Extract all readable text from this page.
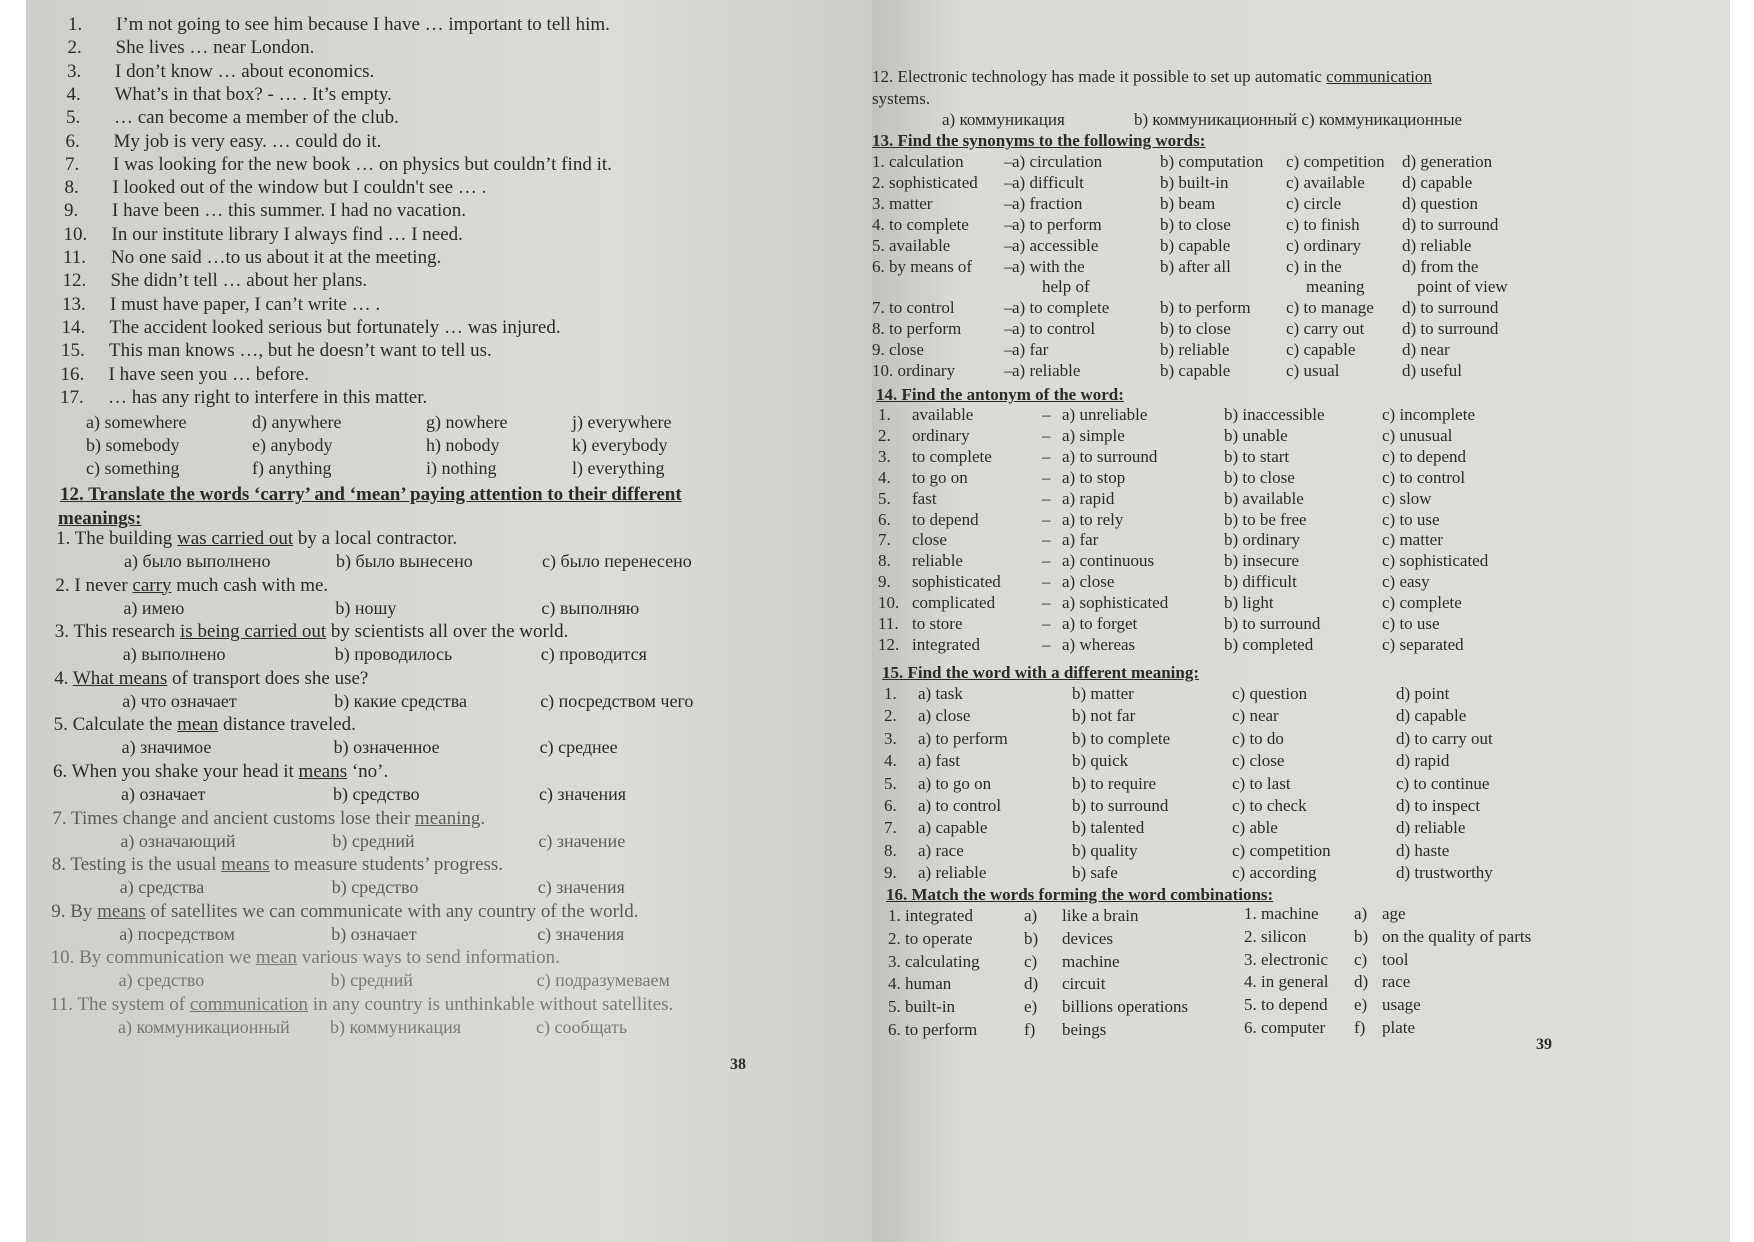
1. I’m not going to see him because I have … important to tell him.
2. She lives … near London.
3. I don’t know … about economics.
4. What’s in that box? - … . It’s empty.
5. … can become a member of the club.
6. My job is very easy. … could do it.
7. I was looking for the new book … on physics but couldn’t find it.
8. I looked out of the window but I couldn't see … .
9. I have been … this summer. I had no vacation.
10. In our institute library I always find … I need.
11. No one said …to us about it at the meeting.
12. She didn’t tell … about her plans.
13. I must have paper, I can’t write … .
14. The accident looked serious but fortunately … was injured.
15. This man knows …, but he doesn’t want to tell us.
16. I have seen you … before.
17. … has any right to interfere in this matter.
a) somewhere	d) anywhere	g) nowhere	j) everywhere
b) somebody	e) anybody	h) nobody	k) everybody
c) something	f) anything	i) nothing	l) everything
12. Translate the words ‘carry’ and ‘mean’ paying attention to their different
meanings:
1. The building was carried out by a local contractor.
a) было выполнено	b) было вынесено	c) было перенесено
2. I never carry much cash with me.
a) имею	b) ношу	c) выполняю
3. This research is being carried out by scientists all over the world.
a) выполнено	b) проводилось	c) проводится
4. What means of transport does she use?
a) что означает	b) какие средства	c) посредством чего
5. Calculate the mean distance traveled.
a) значимое	b) означенное	c) среднее
6. When you shake your head it means ‘no’.
a) означает	b) средство	c) значения
7. Times change and ancient customs lose their meaning.
a) означающий	b) средний	c) значение
8. Testing is the usual means to measure students’ progress.
a) средства	b) средство	c) значения
9. By means of satellites we can communicate with any country of the world.
a) посредством	b) означает	c) значения
10. By communication we mean various ways to send information.
a) средство	b) средний	c) подразумеваем
11. The system of communication in any country is unthinkable without satellites.
a) коммуникационный b) коммуникация	c) сообщать
38
12. Electronic technology has made it possible to set up automatic communication
systems.
a) коммуникация	b) коммуникационный c) коммуникационные
13. Find the synonyms to the following words:
1. calculation – a) circulation	b) computation c) competition d) generation
2. sophisticated – a) difficult	b) built-in	c) available d) capable
3. matter	– a) fraction	b) beam	c) circle	d) question
4. to complete – a) to perform	b) to close	c) to finish d) to surround
5. available	– a) accessible	b) capable	c) ordinary d) reliable
6. by means of – a) with the	b) after all	c) in the	d) from the
help of	meaning	point of view
7. to control	– a) to complete	b) to perform c) to manage d) to surround
8. to perform	– a) to control	b) to close	c) carry out d) to surround
9. close	– a) far	b) reliable	c) capable	d) near
10. ordinary	– a) reliable	b) capable	c) usual	d) useful
14. Find the antonym of the word:
1. available	– a) unreliable	b) inaccessible	c) incomplete
2. ordinary	– a) simple	b) unable	c) unusual
3. to complete	– a) to surround	b) to start	c) to depend
4. to go on	– a) to stop	b) to close	c) to control
5. fast	– a) rapid	b) available	c) slow
6. to depend	– a) to rely	b) to be free	c) to use
7. close	– a) far	b) ordinary	c) matter
8. reliable	– a) continuous	b) insecure	c) sophisticated
9. sophisticated – a) close	b) difficult	c) easy
10. complicated	– a) sophisticated	b) light	c) complete
11. to store	– a) to forget	b) to surround	c) to use
12. integrated	– a) whereas	b) completed	c) separated
15. Find the word with a different meaning:
1. a) task	b) matter	c) question	d) point
2. a) close	b) not far	c) near	d) capable
3. a) to perform	b) to complete	c) to do	d) to carry out
4. a) fast	b) quick	c) close	d) rapid
5. a) to go on	b) to require	c) to last	c) to continue
6. a) to control	b) to surround	c) to check	d) to inspect
7. a) capable	b) talented	c) able	d) reliable
8. a) race	b) quality	c) competition	d) haste
9. a) reliable	b) safe	c) according	d) trustworthy
16. Match the words forming the word combinations:
1. integrated	a) like a brain	1. machine a) age
2. to operate	b) devices	2. silicon	b) on the quality of parts
3. calculating	c) machine	3. electronic c) tool
4. human	d) circuit	4. in general d) race
5. built-in	e) billions operations	5. to depend e) usage
6. to perform	f) beings	6. computer f) plate
39
